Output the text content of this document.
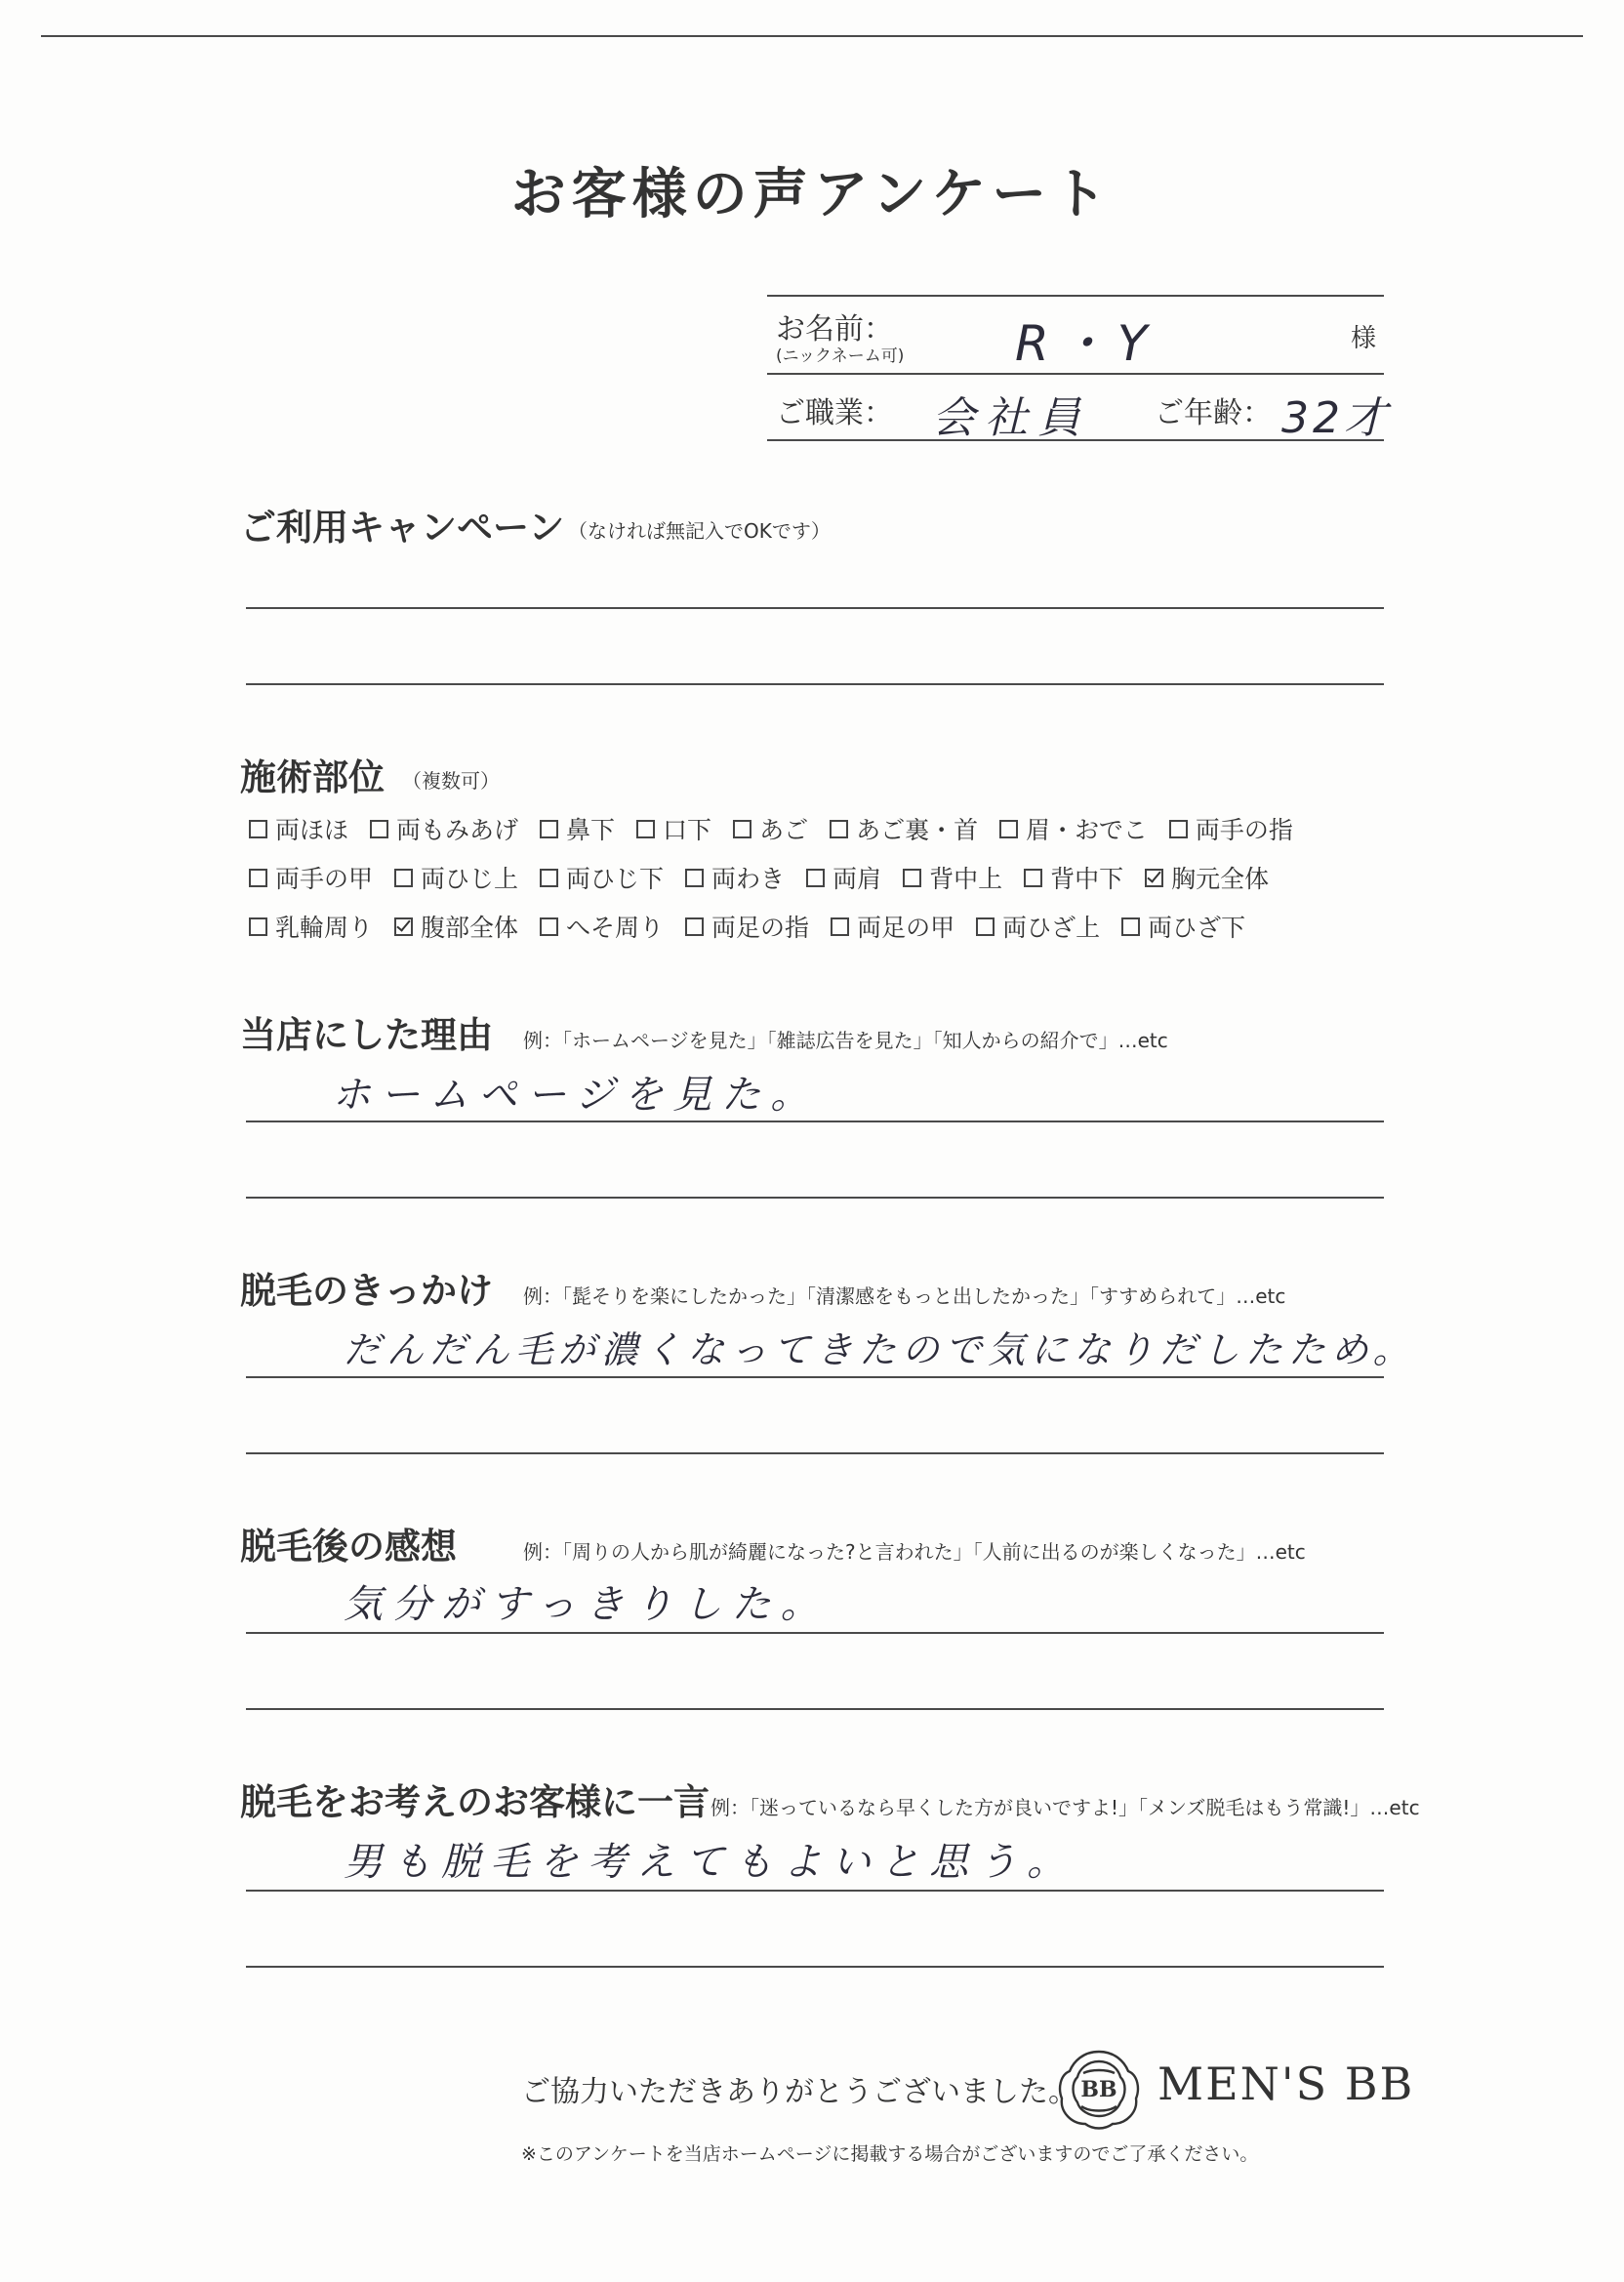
お客様の声アンケート
お名前：
(ニックネーム可) R・Y	様
ご職業： 会社員 ご年齢： 32才
ご利用キャンペーン （なければ無記入でOKです）
施術部位 （複数可）
両ほほ 両もみあげ 鼻下 口下 あご あご裏・首 眉・おでこ 両手の指
両手の甲 両ひじ上 両ひじ下 両わき 両肩 背中上 背中下 胸元全体
乳輪周り 腹部全体 へそ周り 両足の指 両足の甲 両ひざ上 両ひざ下
当店にした理由 例：「ホームページを見た」「雑誌広告を見た」「知人からの紹介で」…etc
ホームページを見た。
脱毛のきっかけ 例：「髭そりを楽にしたかった」「清潔感をもっと出したかった」「すすめられて」…etc
だんだん毛が濃くなってきたので気になりだしたため。
脱毛後の感想	例：「周りの人から肌が綺麗になった?と言われた」「人前に出るのが楽しくなった」…etc
気分がすっきりした。
脱毛をお考えのお客様に一言 例：「迷っているなら早くした方が良いですよ!」「メンズ脱毛はもう常識!」…etc
男も脱毛を考えてもよいと思う。
ご協力いただきありがとうございました。 BB MEN'S BB
※このアンケートを当店ホームページに掲載する場合がございますのでご了承ください。
